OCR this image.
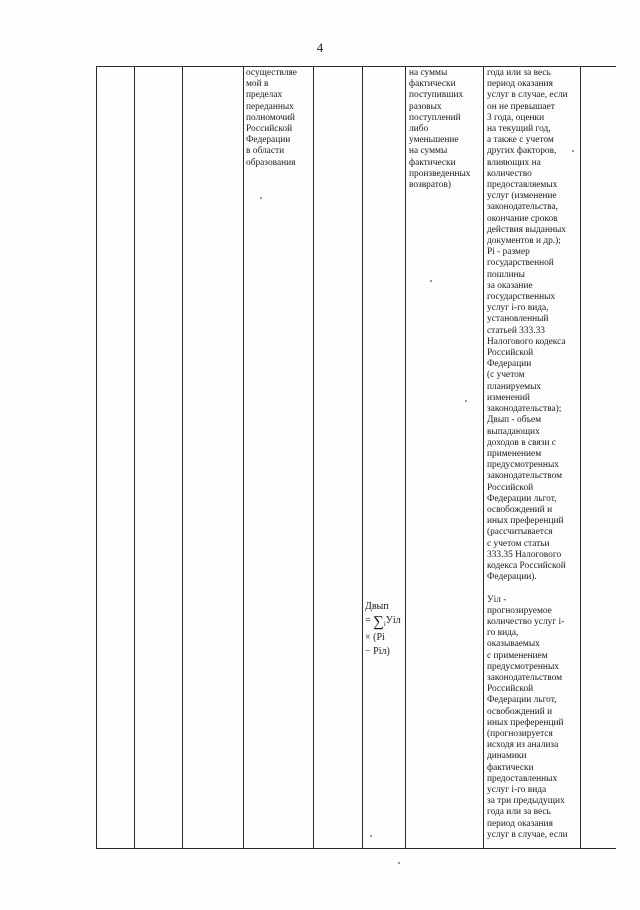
4
осуществляе
мой в
пределах
переданных
полномочий
Российской
Федерации
в области
образования
на суммы
фактически
поступивших
разовых
поступлений
либо
уменьшение
на суммы
фактически
произведенных
возвратов)
года или за весь
период оказания
услуг в случае, если
он не превышает
3 года, оценки
на текущий год,
а также с учетом
других факторов,
влияющих на
количество
предоставляемых
услуг (изменение
законодательства,
окончание сроков
действия выданных
документов и др.);
Pi - размер
государственной
пошлины
за оказание
государственных
услуг i-го вида,
установленный
статьей 333.33
Налогового кодекса
Российской
Федерации
(с учетом
планируемых
изменений
законодательства);
Двып - объем
выпадающих
доходов в связи с
применением
предусмотренных
законодательством
Российской
Федерации льгот,
освобождений и
иных преференций
(рассчитывается
с учетом статьи
333.35 Налогового
кодекса Российской
Федерации).

Уiл -
прогнозируемое
количество услуг i-
го вида,
оказываемых
с применением
предусмотренных
законодательством
Российской
Федерации льгот,
освобождений и
иных преференций
(прогнозируется
исходя из анализа
динамики
фактически
предоставленных
услуг i-го вида
за три предыдущих
года или за весь
период оказания
услуг в случае, если
Двып
= $\sum_iУiл$
× (Pi
− Piл)
